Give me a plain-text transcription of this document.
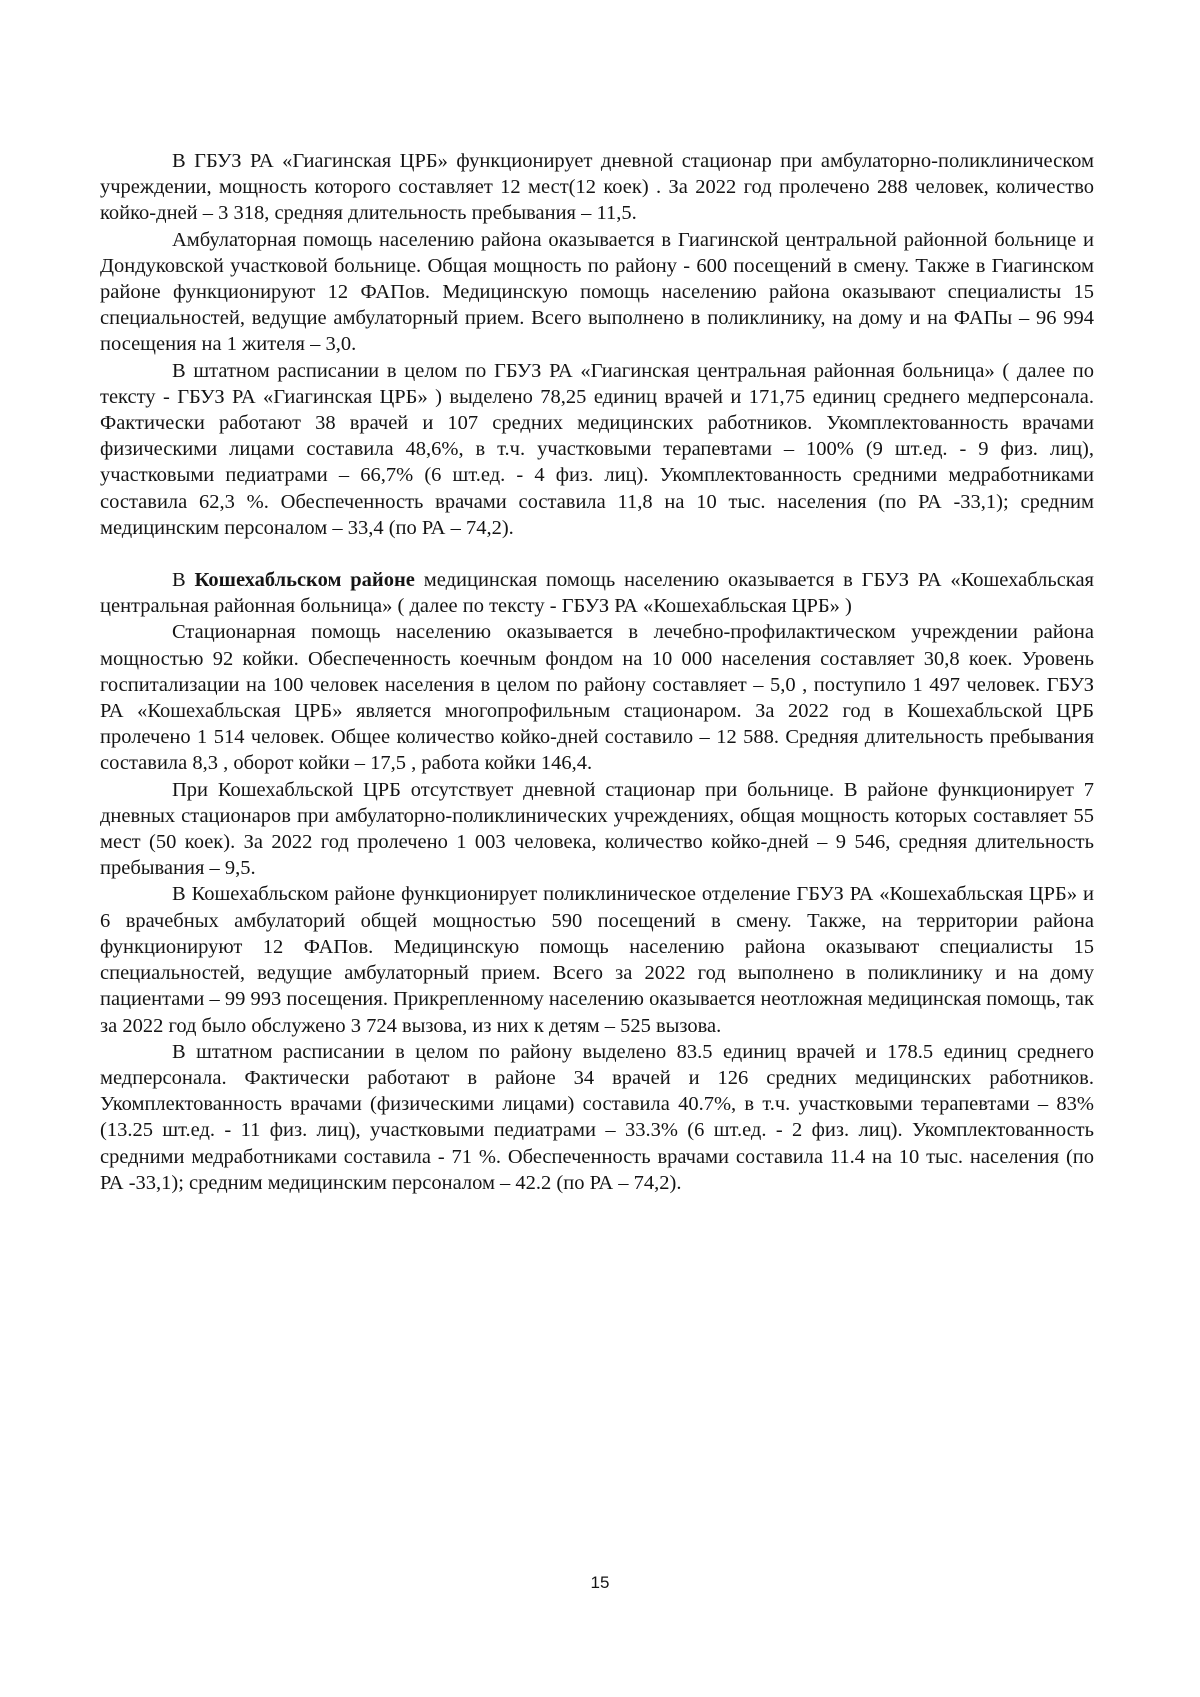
В ГБУЗ РА «Гиагинская ЦРБ» функционирует дневной стационар при амбулаторно-поликлиническом учреждении, мощность которого составляет 12 мест(12 коек) . За 2022 год пролечено 288 человек, количество койко-дней – 3 318, средняя длительность пребывания – 11,5.

Амбулаторная помощь населению района оказывается в Гиагинской центральной районной больнице и Дондуковской участковой больнице. Общая мощность по району - 600 посещений в смену. Также в Гиагинском районе функционируют 12 ФАПов. Медицинскую помощь населению района оказывают специалисты 15 специальностей, ведущие амбулаторный прием. Всего выполнено в поликлинику, на дому и на ФАПы – 96 994 посещения на 1 жителя – 3,0.

В штатном расписании в целом по ГБУЗ РА «Гиагинская центральная районная больница» ( далее по тексту - ГБУЗ РА «Гиагинская ЦРБ» ) выделено 78,25 единиц врачей и 171,75 единиц среднего медперсонала. Фактически работают 38 врачей и 107 средних медицинских работников. Укомплектованность врачами физическими лицами составила 48,6%, в т.ч. участковыми терапевтами – 100% (9 шт.ед. - 9 физ. лиц), участковыми педиатрами – 66,7% (6 шт.ед. - 4 физ. лиц). Укомплектованность средними медработниками составила 62,3 %. Обеспеченность врачами составила 11,8 на 10 тыс. населения (по РА -33,1); средним медицинским персоналом – 33,4 (по РА – 74,2).

В Кошехабльском районе медицинская помощь населению оказывается в ГБУЗ РА «Кошехабльская центральная районная больница» ( далее по тексту - ГБУЗ РА «Кошехабльская ЦРБ» )

Стационарная помощь населению оказывается в лечебно-профилактическом учреждении района мощностью 92 койки. Обеспеченность коечным фондом на 10 000 населения составляет 30,8 коек. Уровень госпитализации на 100 человек населения в целом по району составляет – 5,0 , поступило 1 497 человек. ГБУЗ РА «Кошехабльская ЦРБ» является многопрофильным стационаром. За 2022 год в Кошехабльской ЦРБ пролечено 1 514 человек. Общее количество койко-дней составило – 12 588. Средняя длительность пребывания составила 8,3 , оборот койки – 17,5 , работа койки 146,4.

При Кошехабльской ЦРБ отсутствует дневной стационар при больнице. В районе функционирует 7 дневных стационаров при амбулаторно-поликлинических учреждениях, общая мощность которых составляет 55 мест (50 коек). За 2022 год пролечено 1 003 человека, количество койко-дней – 9 546, средняя длительность пребывания – 9,5.

В Кошехабльском районе функционирует поликлиническое отделение ГБУЗ РА «Кошехабльская ЦРБ» и 6 врачебных амбулаторий общей мощностью 590 посещений в смену. Также, на территории района функционируют 12 ФАПов. Медицинскую помощь населению района оказывают специалисты 15 специальностей, ведущие амбулаторный прием. Всего за 2022 год выполнено в поликлинику и на дому пациентами – 99 993 посещения. Прикрепленному населению оказывается неотложная медицинская помощь, так за 2022 год было обслужено 3 724 вызова, из них к детям – 525 вызова.

В штатном расписании в целом по району выделено 83.5 единиц врачей и 178.5 единиц среднего медперсонала. Фактически работают в районе 34 врачей и 126 средних медицинских работников. Укомплектованность врачами (физическими лицами) составила 40.7%, в т.ч. участковыми терапевтами – 83% (13.25 шт.ед. - 11 физ. лиц), участковыми педиатрами – 33.3% (6 шт.ед. - 2 физ. лиц). Укомплектованность средними медработниками составила - 71 %. Обеспеченность врачами составила 11.4 на 10 тыс. населения (по РА -33,1); средним медицинским персоналом – 42.2 (по РА – 74,2).

15
